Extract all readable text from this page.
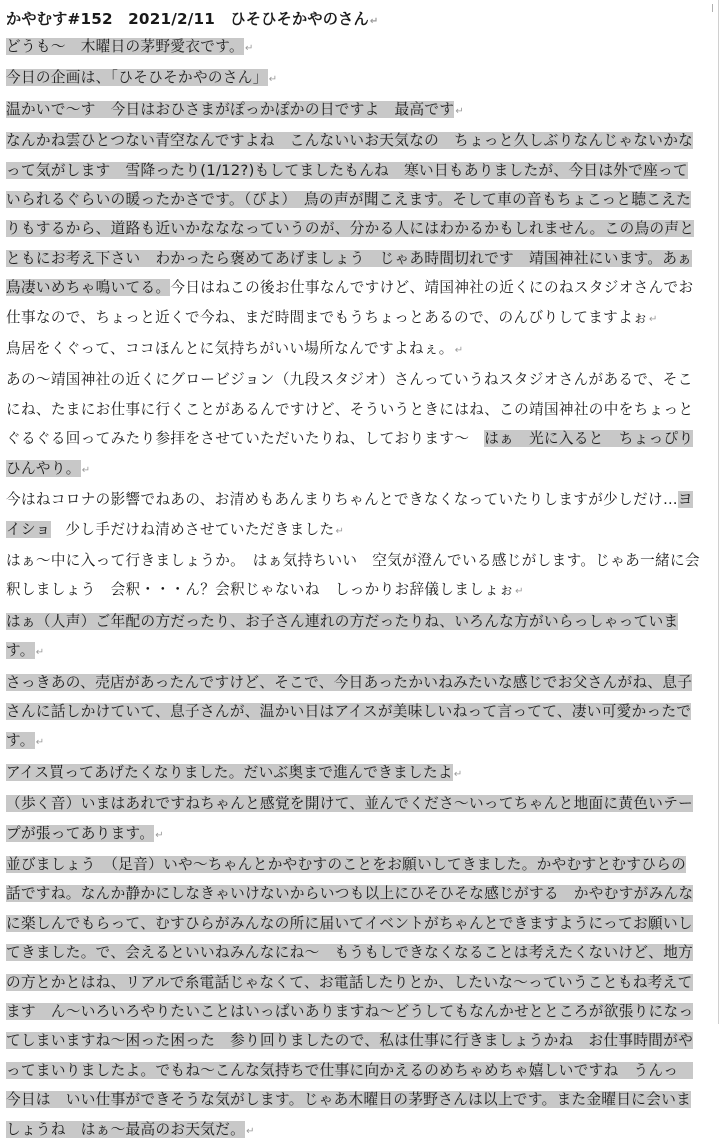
かやむす#152　2021/2/11　ひそひそかやのさん↵

どうも～　木曜日の茅野愛衣です。↵

今日の企画は、「ひそひそかやのさん」↵

温かいで～す　今日はおひさまがぽっかぽかの日ですよ　最高です↵

なんかね雲ひとつない青空なんですよね　こんないいお天気なの　ちょっと久しぶりなんじゃないかなって気がします　雪降ったり(1/12?)もしてましたもんね　寒い日もありましたが、今日は外で座っていられるぐらいの暖ったかさです。（ぴよ）　鳥の声が聞こえます。そして車の音もちょこっと聴こえたりもするから、道路も近いかなななっていうのが、分かる人にはわかるかもしれません。この鳥の声とともにお考え下さい　わかったら褒めてあげましょう　じゃあ時間切れです　靖国神社にいます。あぁ鳥凄いめちゃ鳴いてる。今日はねこの後お仕事なんですけど、靖国神社の近くにのねスタジオさんでお仕事なので、ちょっと近くで今ね、まだ時間までもうちょっとあるので、のんびりしてますよぉ↵

鳥居をくぐって、ココほんとに気持ちがいい場所なんですよねぇ。↵

あの～靖国神社の近くにグロービジョン（九段スタジオ）さんっていうねスタジオさんがあるで、そこにね、たまにお仕事に行くことがあるんですけど、そういうときにはね、この靖国神社の中をちょっとぐるぐる回ってみたり参拝をさせていただいたりね、しております～　はぁ　光に入ると　ちょっぴりひんやり。↵

今はねコロナの影響でねあの、お清めもあんまりちゃんとできなくなっていたりしますが少しだけ…ヨイショ　少し手だけね清めさせていただきました↵

はぁ～中に入って行きましょうか。　はぁ気持ちいい　空気が澄んでいる感じがします。じゃあ一緒に会釈しましょう　会釈・・・ん？会釈じゃないね　しっかりお辞儀しましょぉ↵

はぁ（人声）ご年配の方だったり、お子さん連れの方だったりね、いろんな方がいらっしゃっています。↵

さっきあの、売店があったんですけど、そこで、今日あったかいねみたいな感じでお父さんがね、息子さんに話しかけていて、息子さんが、温かい日はアイスが美味しいねって言ってて、凄い可愛かったです。↵

アイス買ってあげたくなりました。だいぶ奥まで進んできましたよ↵

（歩く音）いまはあれですねちゃんと感覚を開けて、並んでくださ～いってちゃんと地面に黄色いテープが張ってあります。↵

並びましょう　（足音）いや～ちゃんとかやむすのことをお願いしてきました。かやむすとむすひらの話ですね。なんか静かにしなきゃいけないからいつも以上にひそひそな感じがする　かやむすがみんなに楽しんでもらって、むすひらがみんなの所に届いてイベントがちゃんとできますようにってお願いしてきました。で、会えるといいねみんなにね～　もうもしできなくなることは考えたくないけど、地方の方とかとはね、リアルで糸電話じゃなくて、お電話したりとか、したいな～っていうこともね考えてます　ん～いろいろやりたいことはいっぱいありますね～どうしてもなんかせとところが欲張りになってしまいますね～困った困った　参り回りましたので、私は仕事に行きましょうかね　お仕事時間がやってまいりましたよ。でもね～こんな気持ちで仕事に向かえるのめちゃめちゃ嬉しいですね　うんっ　今日は　いい仕事ができそうな気がします。じゃあ木曜日の茅野さんは以上です。また金曜日に会いましょうね　はぁ～最高のお天気だ。↵
